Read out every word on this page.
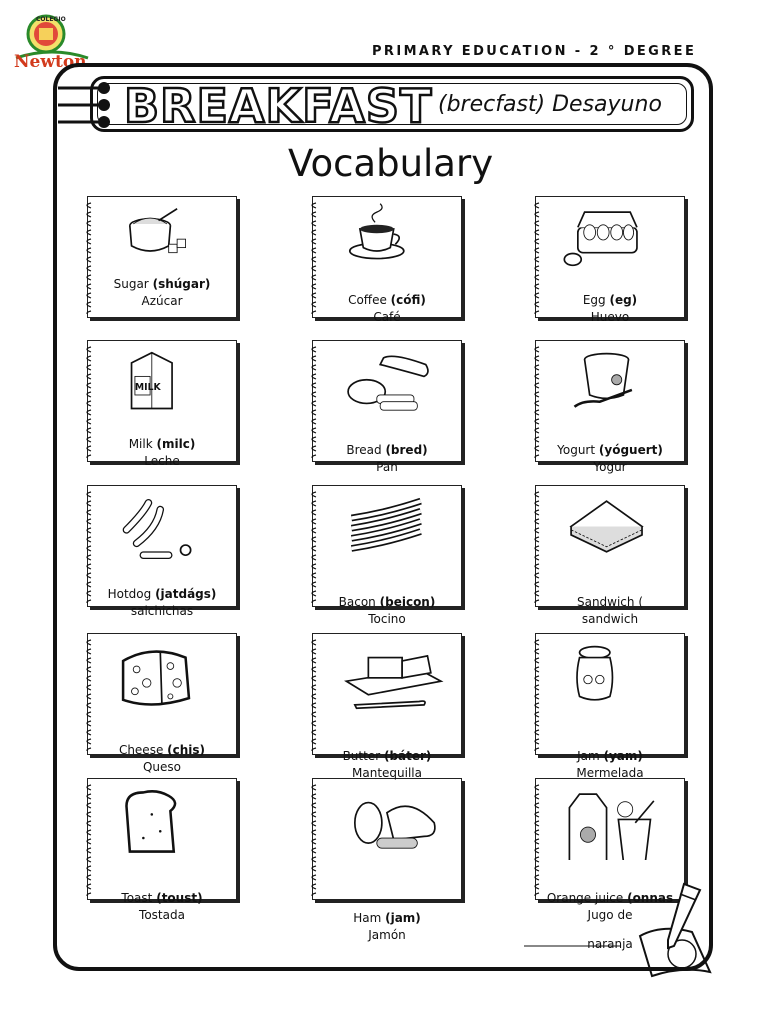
COLEGIO
Newton
PRIMARY EDUCATION - 2 ° DEGREE
BREAKFAST (brecfast) Desayuno
Vocabulary
MILK
Sugar (shúgar)
Azúcar	Coffee (cófi)
Café
Egg (eg)
Huevo
Milk (milc)
Leche
Bread (bred)
Pan
Yogurt (yóguert)
Yogur
Hotdog (jatdágs)
salchichas
Bacon (beicon)
Tocino
Sandwich (
sandwich
Cheese (chis)
Queso
Butter (báter)
Mantequilla
Jam (yam)
Mermelada
Toast (toust)
Tostada	Ham (jam)
Jamón
Orange juice (onnas
Jugo de
naranja
